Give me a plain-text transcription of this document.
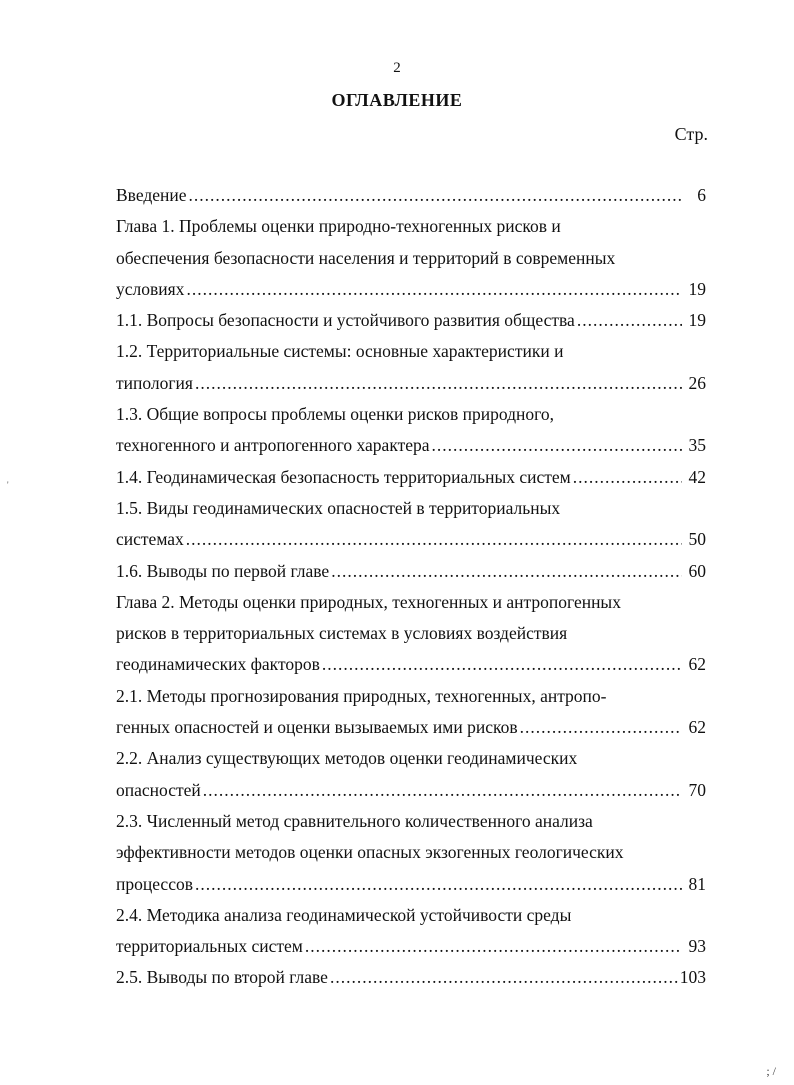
2
ОГЛАВЛЕНИЕ
Стр.
Введение .....	6
Глава 1. Проблемы оценки природно-техногенных рисков и
обеспечения безопасности населения и территорий в современных
условиях .....	19
1.1. Вопросы безопасности и устойчивого развития общества .....	19
1.2. Территориальные системы: основные характеристики и
типология .....	26
1.3. Общие вопросы проблемы оценки рисков природного,
техногенного и антропогенного характера .....	35
1.4. Геодинамическая безопасность территориальных систем .....	42
1.5. Виды геодинамических опасностей в территориальных
системах .....	50
1.6. Выводы по первой главе .....	60
Глава 2. Методы оценки природных, техногенных и антропогенных
рисков в территориальных системах в условиях воздействия
геодинамических факторов .....	62
2.1. Методы прогнозирования природных, техногенных, антропо-
генных опасностей и оценки вызываемых ими рисков .....	62
2.2. Анализ существующих методов оценки геодинамических
опасностей .....	70
2.3. Численный метод сравнительного количественного анализа
эффективности методов оценки опасных экзогенных геологических
процессов .....	81
2.4. Методика анализа геодинамической устойчивости среды
территориальных систем .....	93
2.5. Выводы по второй главе .....	103
'
; /
